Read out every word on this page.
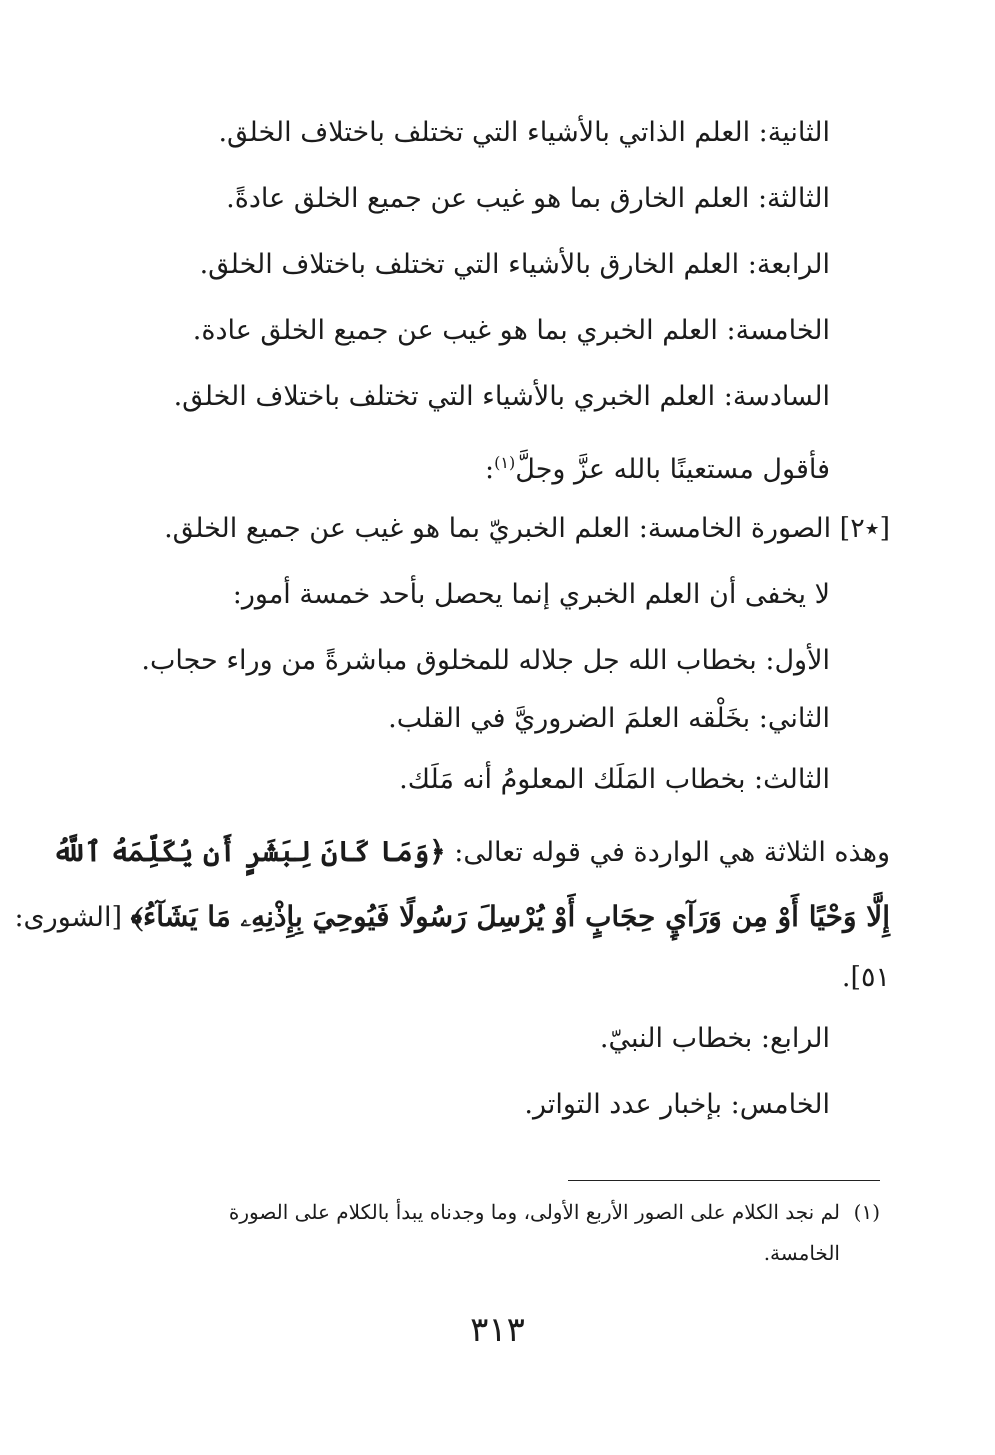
الثانية: العلم الذاتي بالأشياء التي تختلف باختلاف الخلق.
الثالثة: العلم الخارق بما هو غيب عن جميع الخلق عادةً.
الرابعة: العلم الخارق بالأشياء التي تختلف باختلاف الخلق.
الخامسة: العلم الخبري بما هو غيب عن جميع الخلق عادة.
السادسة: العلم الخبري بالأشياء التي تختلف باختلاف الخلق.
فأقول مستعينًا بالله عزَّ وجلَّ$^{(١)}$:
[٭٢] الصورة الخامسة: العلم الخبريّ بما هو غيب عن جميع الخلق.
لا يخفى أن العلم الخبري إنما يحصل بأحد خمسة أمور:
الأول: بخطاب الله جل جلاله للمخلوق مباشرةً من وراء حجاب.
الثاني: بخَلْقه العلمَ الضروريَّ في القلب.
الثالث: بخطاب المَلَك المعلومُ أنه مَلَك.
وهذه الثلاثة هي الواردة في قوله تعالى: ﴿وَمَا كَانَ لِبَشَرٍ أَن يُكَلِّمَهُ ٱللَّهُ
إِلَّا وَحْيًا أَوْ مِن وَرَآيِٕ حِجَابٍ أَوْ يُرْسِلَ رَسُولًا فَيُوحِيَ بِإِذْنِهِۦ مَا يَشَآءُ﴾ [الشورى:
٥١].
الرابع: بخطاب النبيّ.
الخامس: بإخبار عدد التواتر.
(١)لم نجد الكلام على الصور الأربع الأولى، وما وجدناه يبدأ بالكلام على الصورة
الخامسة.
٣١٣
